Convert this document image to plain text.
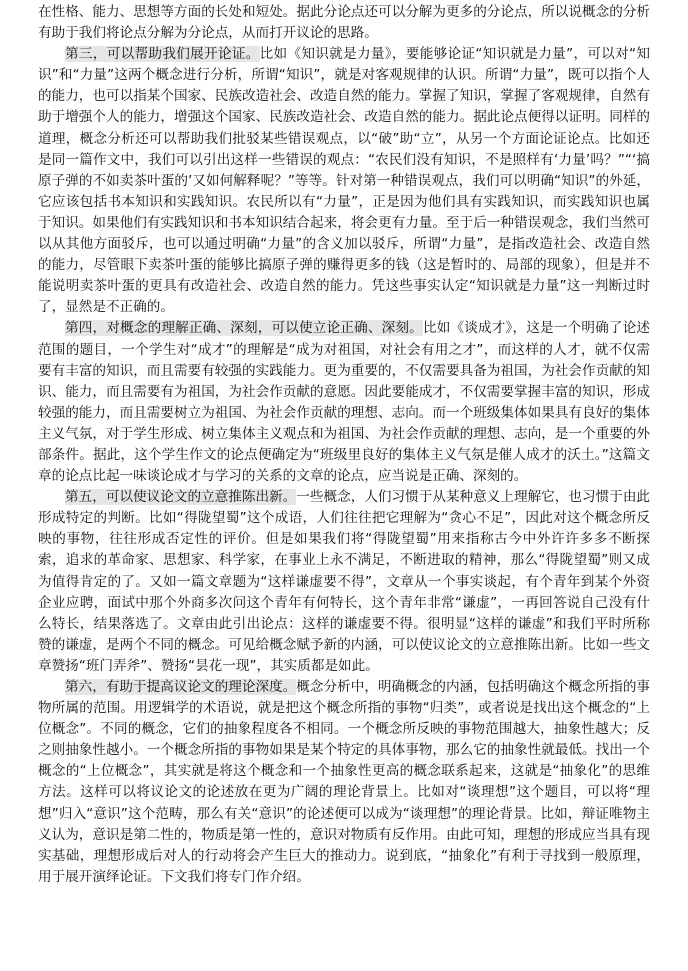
在性格、能力、思想等方面的长处和短处。据此分论点还可以分解为更多的分论点，所以说概念的分析有助于我们将论点分解为分论点，从而打开议论的思路。

第三，可以帮助我们展开论证。比如《知识就是力量》，要能够论证“知识就是力量”，可以对“知识”和“力量”这两个概念进行分析，所谓“知识”，就是对客观规律的认识。所谓“力量”，既可以指个人的能力，也可以指某个国家、民族改造社会、改造自然的能力。掌握了知识，掌握了客观规律，自然有助于增强个人的能力，增强这个国家、民族改造社会、改造自然的能力。据此论点便得以证明。同样的道理，概念分析还可以帮助我们批驳某些错误观点，以“破”助“立”，从另一个方面论证论点。比如还是同一篇作文中，我们可以引出这样一些错误的观点：“农民们没有知识，不是照样有‘力量’吗？”“‘搞原子弹的不如卖茶叶蛋的’又如何解释呢？”等等。针对第一种错误观点，我们可以明确“知识”的外延，它应该包括书本知识和实践知识。农民所以有“力量”，正是因为他们具有实践知识，而实践知识也属于知识。如果他们有实践知识和书本知识结合起来，将会更有力量。至于后一种错误观念，我们当然可以从其他方面驳斥，也可以通过明确“力量”的含义加以驳斥，所谓“力量”，是指改造社会、改造自然的能力，尽管眼下卖茶叶蛋的能够比搞原子弹的赚得更多的钱（这是暂时的、局部的现象），但是并不能说明卖茶叶蛋的更具有改造社会、改造自然的能力。凭这些事实认定“知识就是力量”这一判断过时了，显然是不正确的。

第四，对概念的理解正确、深刻，可以使立论正确、深刻。比如《谈成才》，这是一个明确了论述范围的题目，一个学生对“成才”的理解是“成为对祖国，对社会有用之才”，而这样的人才，就不仅需要有丰富的知识，而且需要有较强的实践能力。更为重要的，不仅需要具备为祖国，为社会作贡献的知识、能力，而且需要有为祖国，为社会作贡献的意愿。因此要能成才，不仅需要掌握丰富的知识，形成较强的能力，而且需要树立为祖国、为社会作贡献的理想、志向。而一个班级集体如果具有良好的集体主义气氛，对于学生形成、树立集体主义观点和为祖国、为社会作贡献的理想、志向，是一个重要的外部条件。据此，这个学生作文的论点便确定为“班级里良好的集体主义气氛是催人成才的沃土。”这篇文章的论点比起一味谈论成才与学习的关系的文章的论点，应当说是正确、深刻的。

第五，可以使议论文的立意推陈出新。一些概念，人们习惯于从某种意义上理解它，也习惯于由此形成特定的判断。比如“得陇望蜀”这个成语，人们往往把它理解为“贪心不足”，因此对这个概念所反映的事物，往往形成否定性的评价。但是如果我们将“得陇望蜀”用来指称古今中外许许多多不断探索，追求的革命家、思想家、科学家，在事业上永不满足，不断进取的精神，那么“得陇望蜀”则又成为值得肯定的了。又如一篇文章题为“这样谦虚要不得”，文章从一个事实谈起，有个青年到某个外资企业应聘，面试中那个外商多次问这个青年有何特长，这个青年非常“谦虚”，一再回答说自己没有什么特长，结果落选了。文章由此引出论点：这样的谦虚要不得。很明显“这样的谦虚”和我们平时所称赞的谦虚，是两个不同的概念。可见给概念赋予新的内涵，可以使议论文的立意推陈出新。比如一些文章赞扬“班门弄斧”、赞扬“昙花一现”，其实质都是如此。

第六，有助于提高议论文的理论深度。概念分析中，明确概念的内涵，包括明确这个概念所指的事物所属的范围。用逻辑学的术语说，就是把这个概念所指的事物“归类”，或者说是找出这个概念的“上位概念”。不同的概念，它们的抽象程度各不相同。一个概念所反映的事物范围越大，抽象性越大；反之则抽象性越小。一个概念所指的事物如果是某个特定的具体事物，那么它的抽象性就最低。找出一个概念的“上位概念”，其实就是将这个概念和一个抽象性更高的概念联系起来，这就是“抽象化”的思维方法。这样可以将议论文的论述放在更为广阔的理论背景上。比如对“谈理想”这个题目，可以将“理想”归入“意识”这个范畴，那么有关“意识”的论述便可以成为“谈理想”的理论背景。比如，辩证唯物主义认为，意识是第二性的，物质是第一性的，意识对物质有反作用。由此可知，理想的形成应当具有现实基础，理想形成后对人的行动将会产生巨大的推动力。说到底，“抽象化”有利于寻找到一般原理，用于展开演绎论证。下文我们将专门作介绍。
